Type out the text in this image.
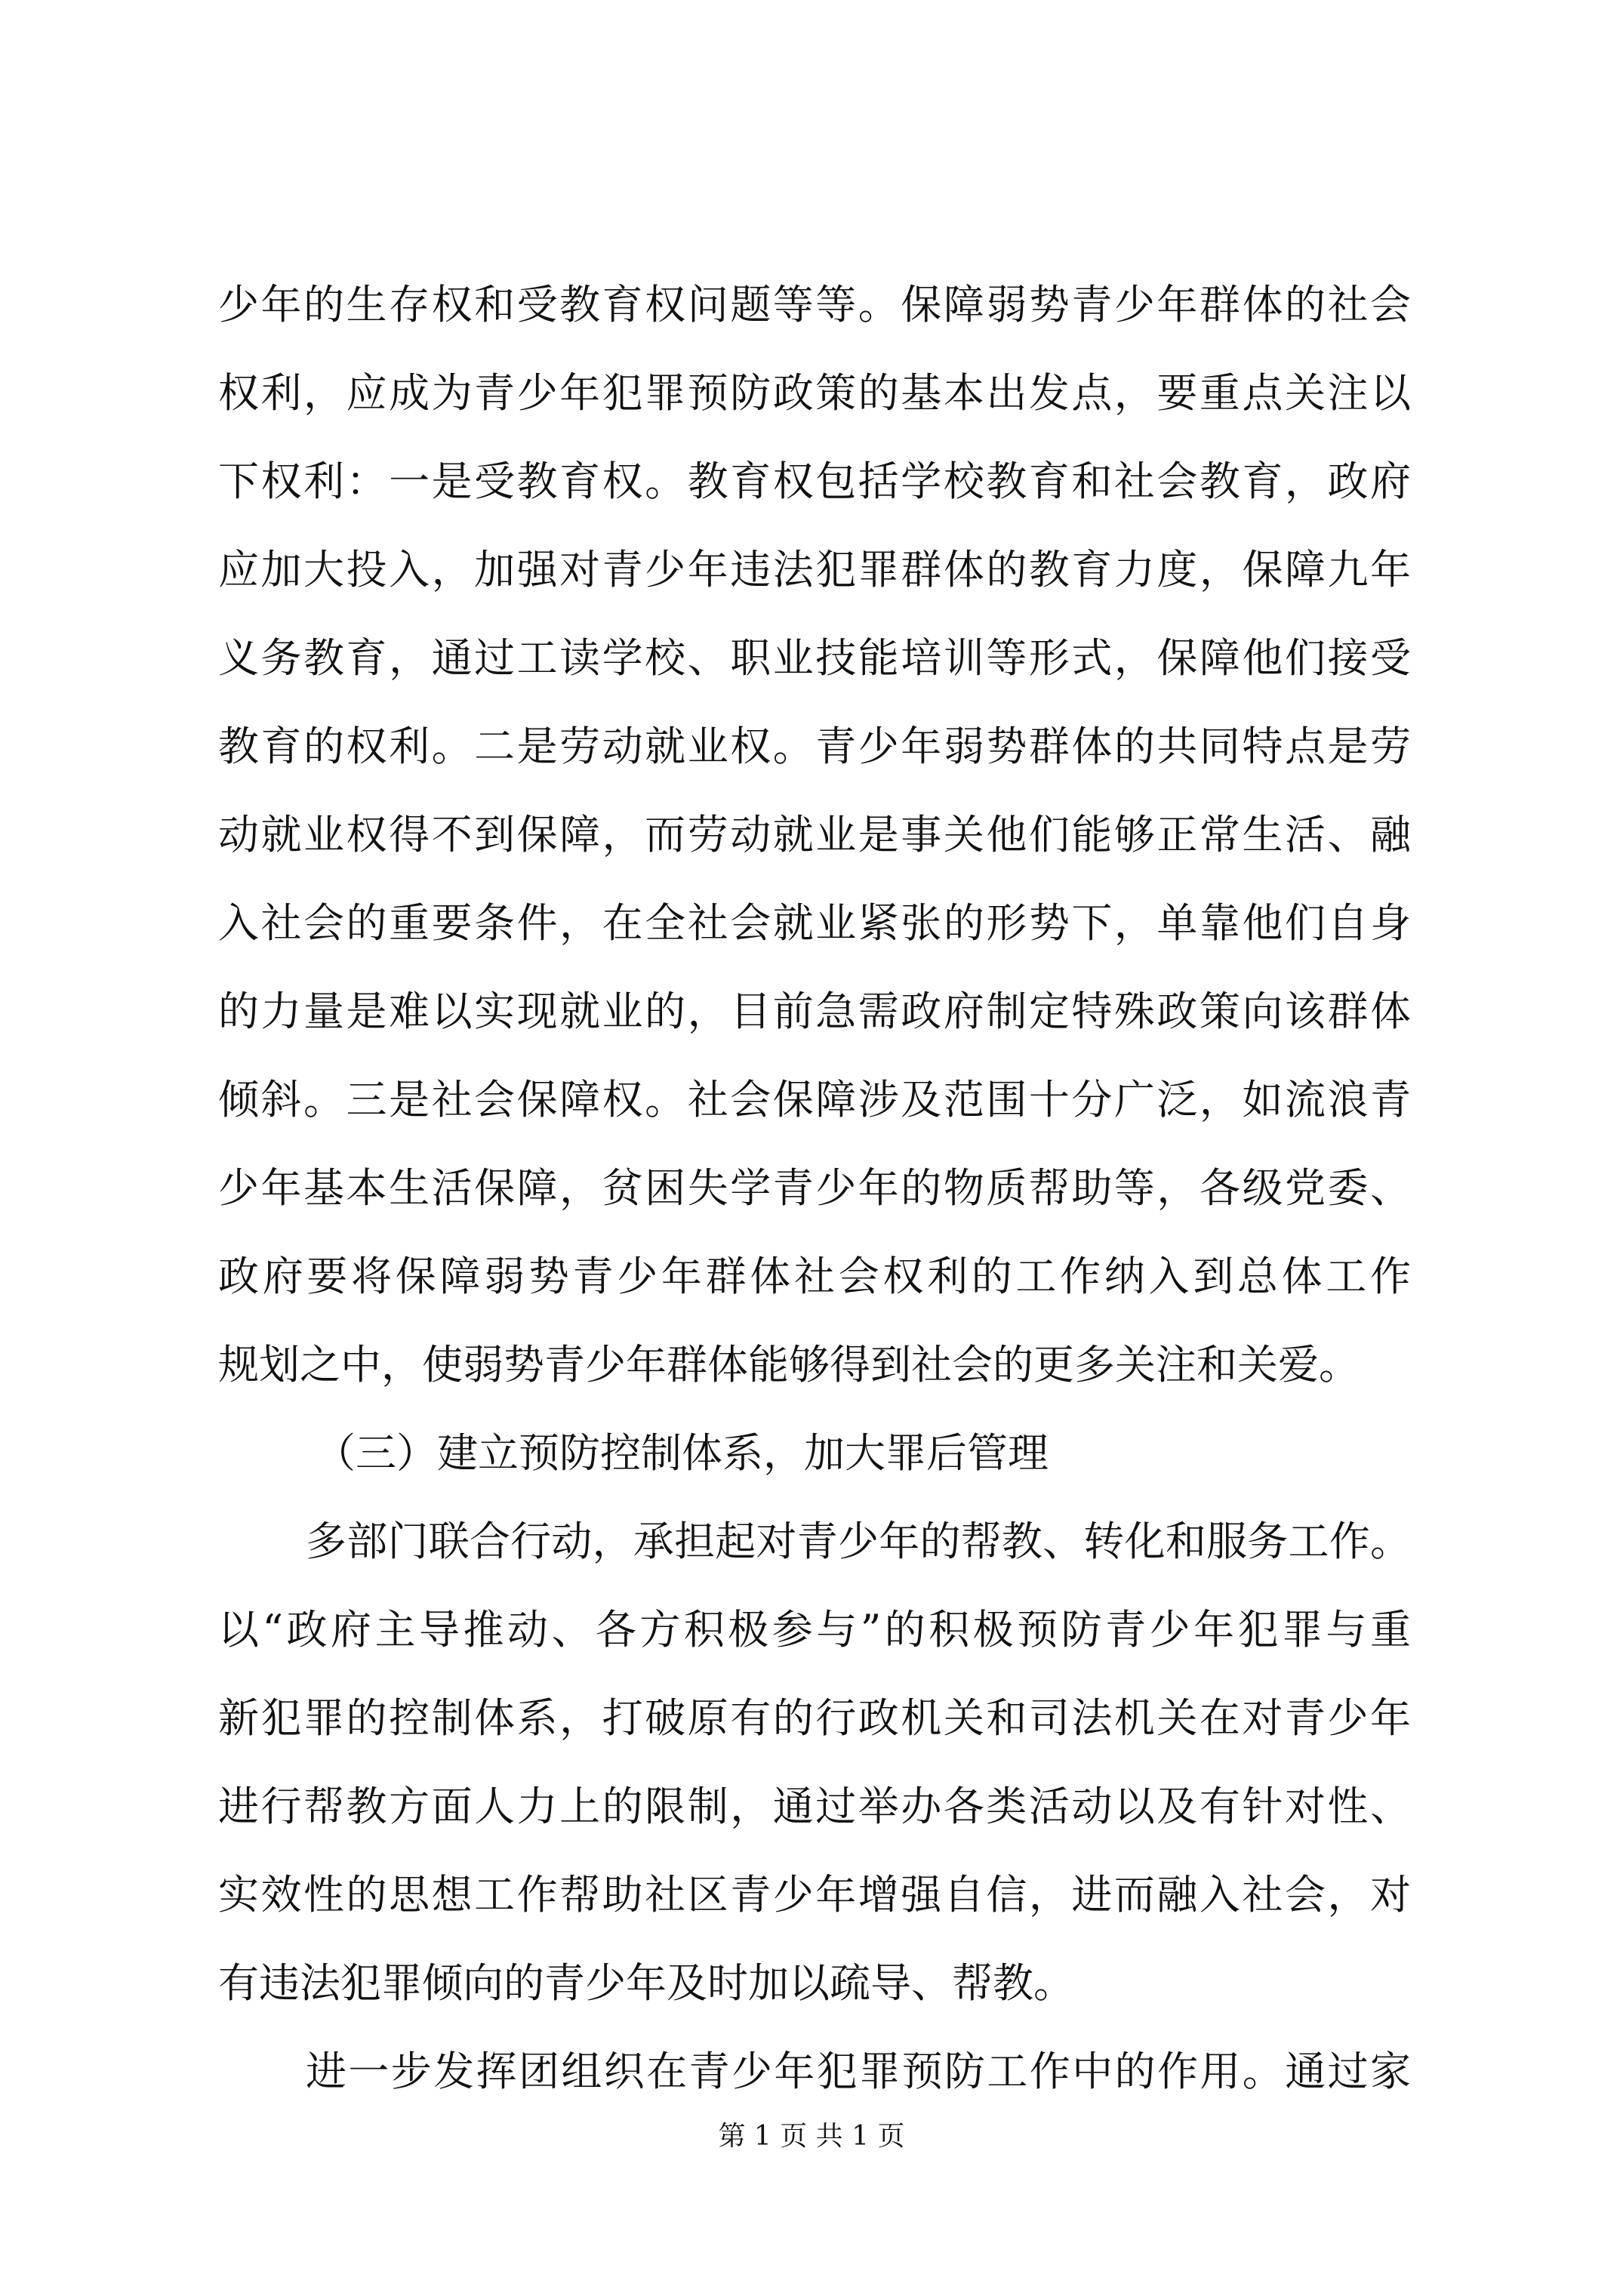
少年的生存权和受教育权问题等等。保障弱势青少年群体的社会
权利，应成为青少年犯罪预防政策的基本出发点，要重点关注以
下权利：一是受教育权。教育权包括学校教育和社会教育，政府
应加大投入，加强对青少年违法犯罪群体的教育力度，保障九年
义务教育，通过工读学校、职业技能培训等形式，保障他们接受
教育的权利。二是劳动就业权。青少年弱势群体的共同特点是劳
动就业权得不到保障，而劳动就业是事关他们能够正常生活、融
入社会的重要条件，在全社会就业紧张的形势下，单靠他们自身
的力量是难以实现就业的，目前急需政府制定特殊政策向该群体
倾斜。三是社会保障权。社会保障涉及范围十分广泛，如流浪青
少年基本生活保障，贫困失学青少年的物质帮助等，各级党委、
政府要将保障弱势青少年群体社会权利的工作纳入到总体工作
规划之中，使弱势青少年群体能够得到社会的更多关注和关爱。
（三）建立预防控制体系，加大罪后管理
多部门联合行动，承担起对青少年的帮教、转化和服务工作。
以“政府主导推动、各方积极参与”的积极预防青少年犯罪与重
新犯罪的控制体系，打破原有的行政机关和司法机关在对青少年
进行帮教方面人力上的限制，通过举办各类活动以及有针对性、
实效性的思想工作帮助社区青少年增强自信，进而融入社会，对
有违法犯罪倾向的青少年及时加以疏导、帮教。
进一步发挥团组织在青少年犯罪预防工作中的作用。通过家
第 1 页 共 1 页
